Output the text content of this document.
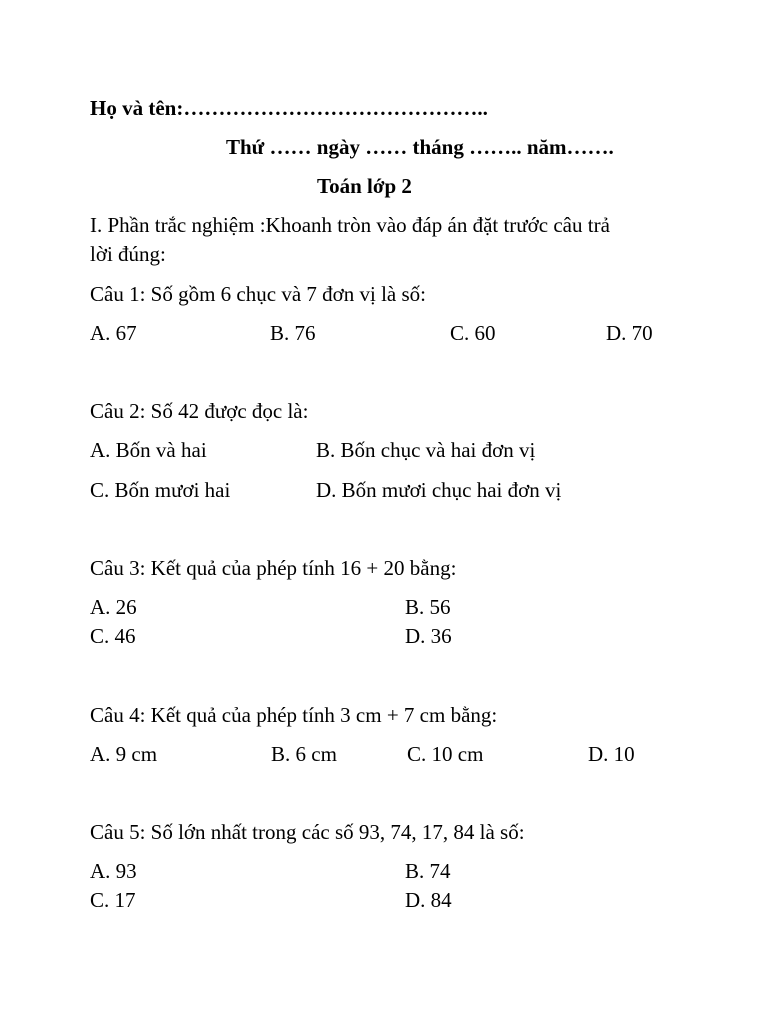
Họ và tên:……………………………………..
Thứ …… ngày …… tháng …….. năm…….
Toán lớp 2
I. Phần trắc nghiệm :Khoanh tròn vào đáp án đặt trước câu trả
lời đúng:
Câu 1: Số gồm 6 chục và 7 đơn vị là số:
A. 67	B. 76	C. 60	D. 70
Câu 2: Số 42 được đọc là:
A. Bốn và hai	B. Bốn chục và hai đơn vị
C. Bốn mươi hai	D. Bốn mươi chục hai đơn vị
Câu 3: Kết quả của phép tính 16 + 20 bằng:
A. 26	B. 56
C. 46	D. 36
Câu 4: Kết quả của phép tính 3 cm + 7 cm bằng:
A. 9 cm	B. 6 cm	C. 10 cm	D. 10
Câu 5: Số lớn nhất trong các số 93, 74, 17, 84 là số:
A. 93	B. 74
C. 17	D. 84
